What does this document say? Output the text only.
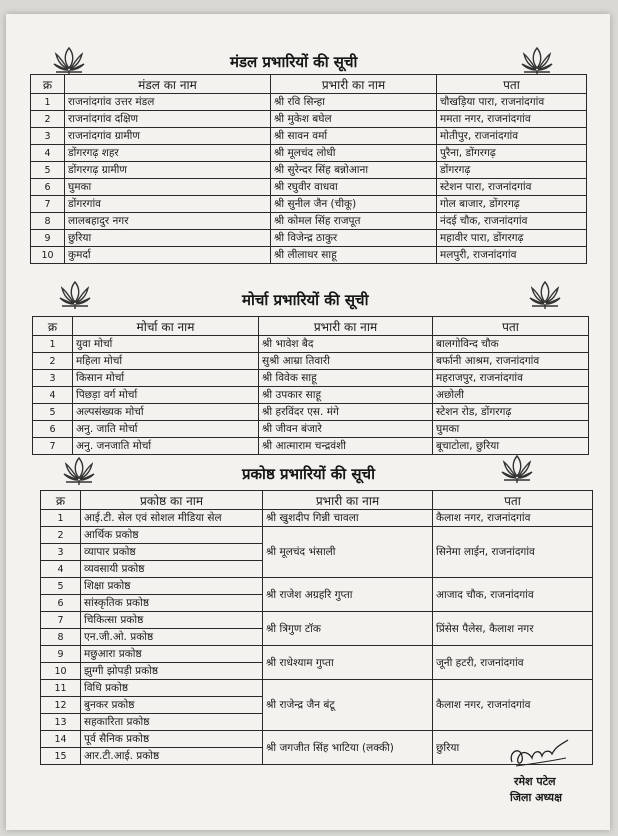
मंडल प्रभारियों की सूची
क्र	मंडल का नाम	प्रभारी का नाम	पता
1	राजनांदगांव उत्तर मंडल	श्री रवि सिन्हा	चौखड़िया पारा, राजनांदगांव
2	राजनांदगांव दक्षिण	श्री मुकेश बघेल	ममता नगर, राजनांदगांव
3	राजनांदगांव ग्रामीण	श्री सावन वर्मा	मोतीपुर, राजनांदगांव
4	डोंगरगढ़ शहर	श्री मूलचंद लोधी	पुरैना, डोंगरगढ़
5	डोंगरगढ़ ग्रामीण	श्री सुरेन्दर सिंह बन्नोआना	डोंगरगढ़
6	घुमका	श्री रघुवीर वाधवा	स्टेशन पारा, राजनांदगांव
7	डोंगरगांव	श्री सुनील जैन (चीकू)	गोल बाजार, डोंगरगढ़
8	लालबहादुर नगर	श्री कोमल सिंह राजपूत	नंदई चौक, राजनांदगांव
9	छुरिया	श्री विजेन्द्र ठाकुर	महावीर पारा, डोंगरगढ़
10	कुमर्दा	श्री लीलाधर साहू	मलपुरी, राजनांदगांव
मोर्चा प्रभारियों की सूची
क्र	मोर्चा का नाम	प्रभारी का नाम	पता
1	युवा मोर्चा	श्री भावेश बैद	बालगोविन्द चौक
2	महिला मोर्चा	सुश्री आम्रा तिवारी	बर्फानी आश्रम, राजनांदगांव
3	किसान मोर्चा	श्री विवेक साहू	महराजपुर, राजनांदगांव
4	पिछड़ा वर्ग मोर्चा	श्री उपकार साहू	अछोली
5	अल्पसंख्यक मोर्चा	श्री हरविंदर एस. मंगे	स्टेशन रोड, डोंगरगढ़
6	अनु. जाति मोर्चा	श्री जीवन बंजारे	घुमका
7	अनु. जनजाति मोर्चा	श्री आत्माराम चन्द्रवंशी	बूचाटोला, छुरिया
प्रकोष्ठ प्रभारियों की सूची
क्र	प्रकोष्ठ का नाम	प्रभारी का नाम	पता
1	आई.टी. सेल एवं सोशल मीडिया सेल	श्री खुशदीप गिन्नी चावला	कैलाश नगर, राजनांदगांव
2	आर्थिक प्रकोष्ठ	श्री मूलचंद भंसाली	सिनेमा लाईन, राजनांदगांव
3	व्यापार प्रकोष्ठ		
4	व्यवसायी प्रकोष्ठ		
5	शिक्षा प्रकोष्ठ	श्री राजेश अग्रहरि गुप्ता	आजाद चौक, राजनांदगांव
6	सांस्कृतिक प्रकोष्ठ		
7	चिकित्सा प्रकोष्ठ	श्री त्रिगुण टॉक	प्रिंसेस पैलेस, कैलाश नगर
8	एन.जी.ओ. प्रकोष्ठ		
9	मछुआरा प्रकोष्ठ	श्री राधेश्याम गुप्ता	जूनी हटरी, राजनांदगांव
10	झुग्गी झोपड़ी प्रकोष्ठ		
11	विधि प्रकोष्ठ	श्री राजेन्द्र जैन बंटू	कैलाश नगर, राजनांदगांव
12	बुनकर प्रकोष्ठ		
13	सहकारिता प्रकोष्ठ		
14	पूर्व सैनिक प्रकोष्ठ	श्री जगजीत सिंह भाटिया (लक्की)	छुरिया
15	आर.टी.आई. प्रकोष्ठ		
रमेश पटेल
जिला अध्यक्ष
